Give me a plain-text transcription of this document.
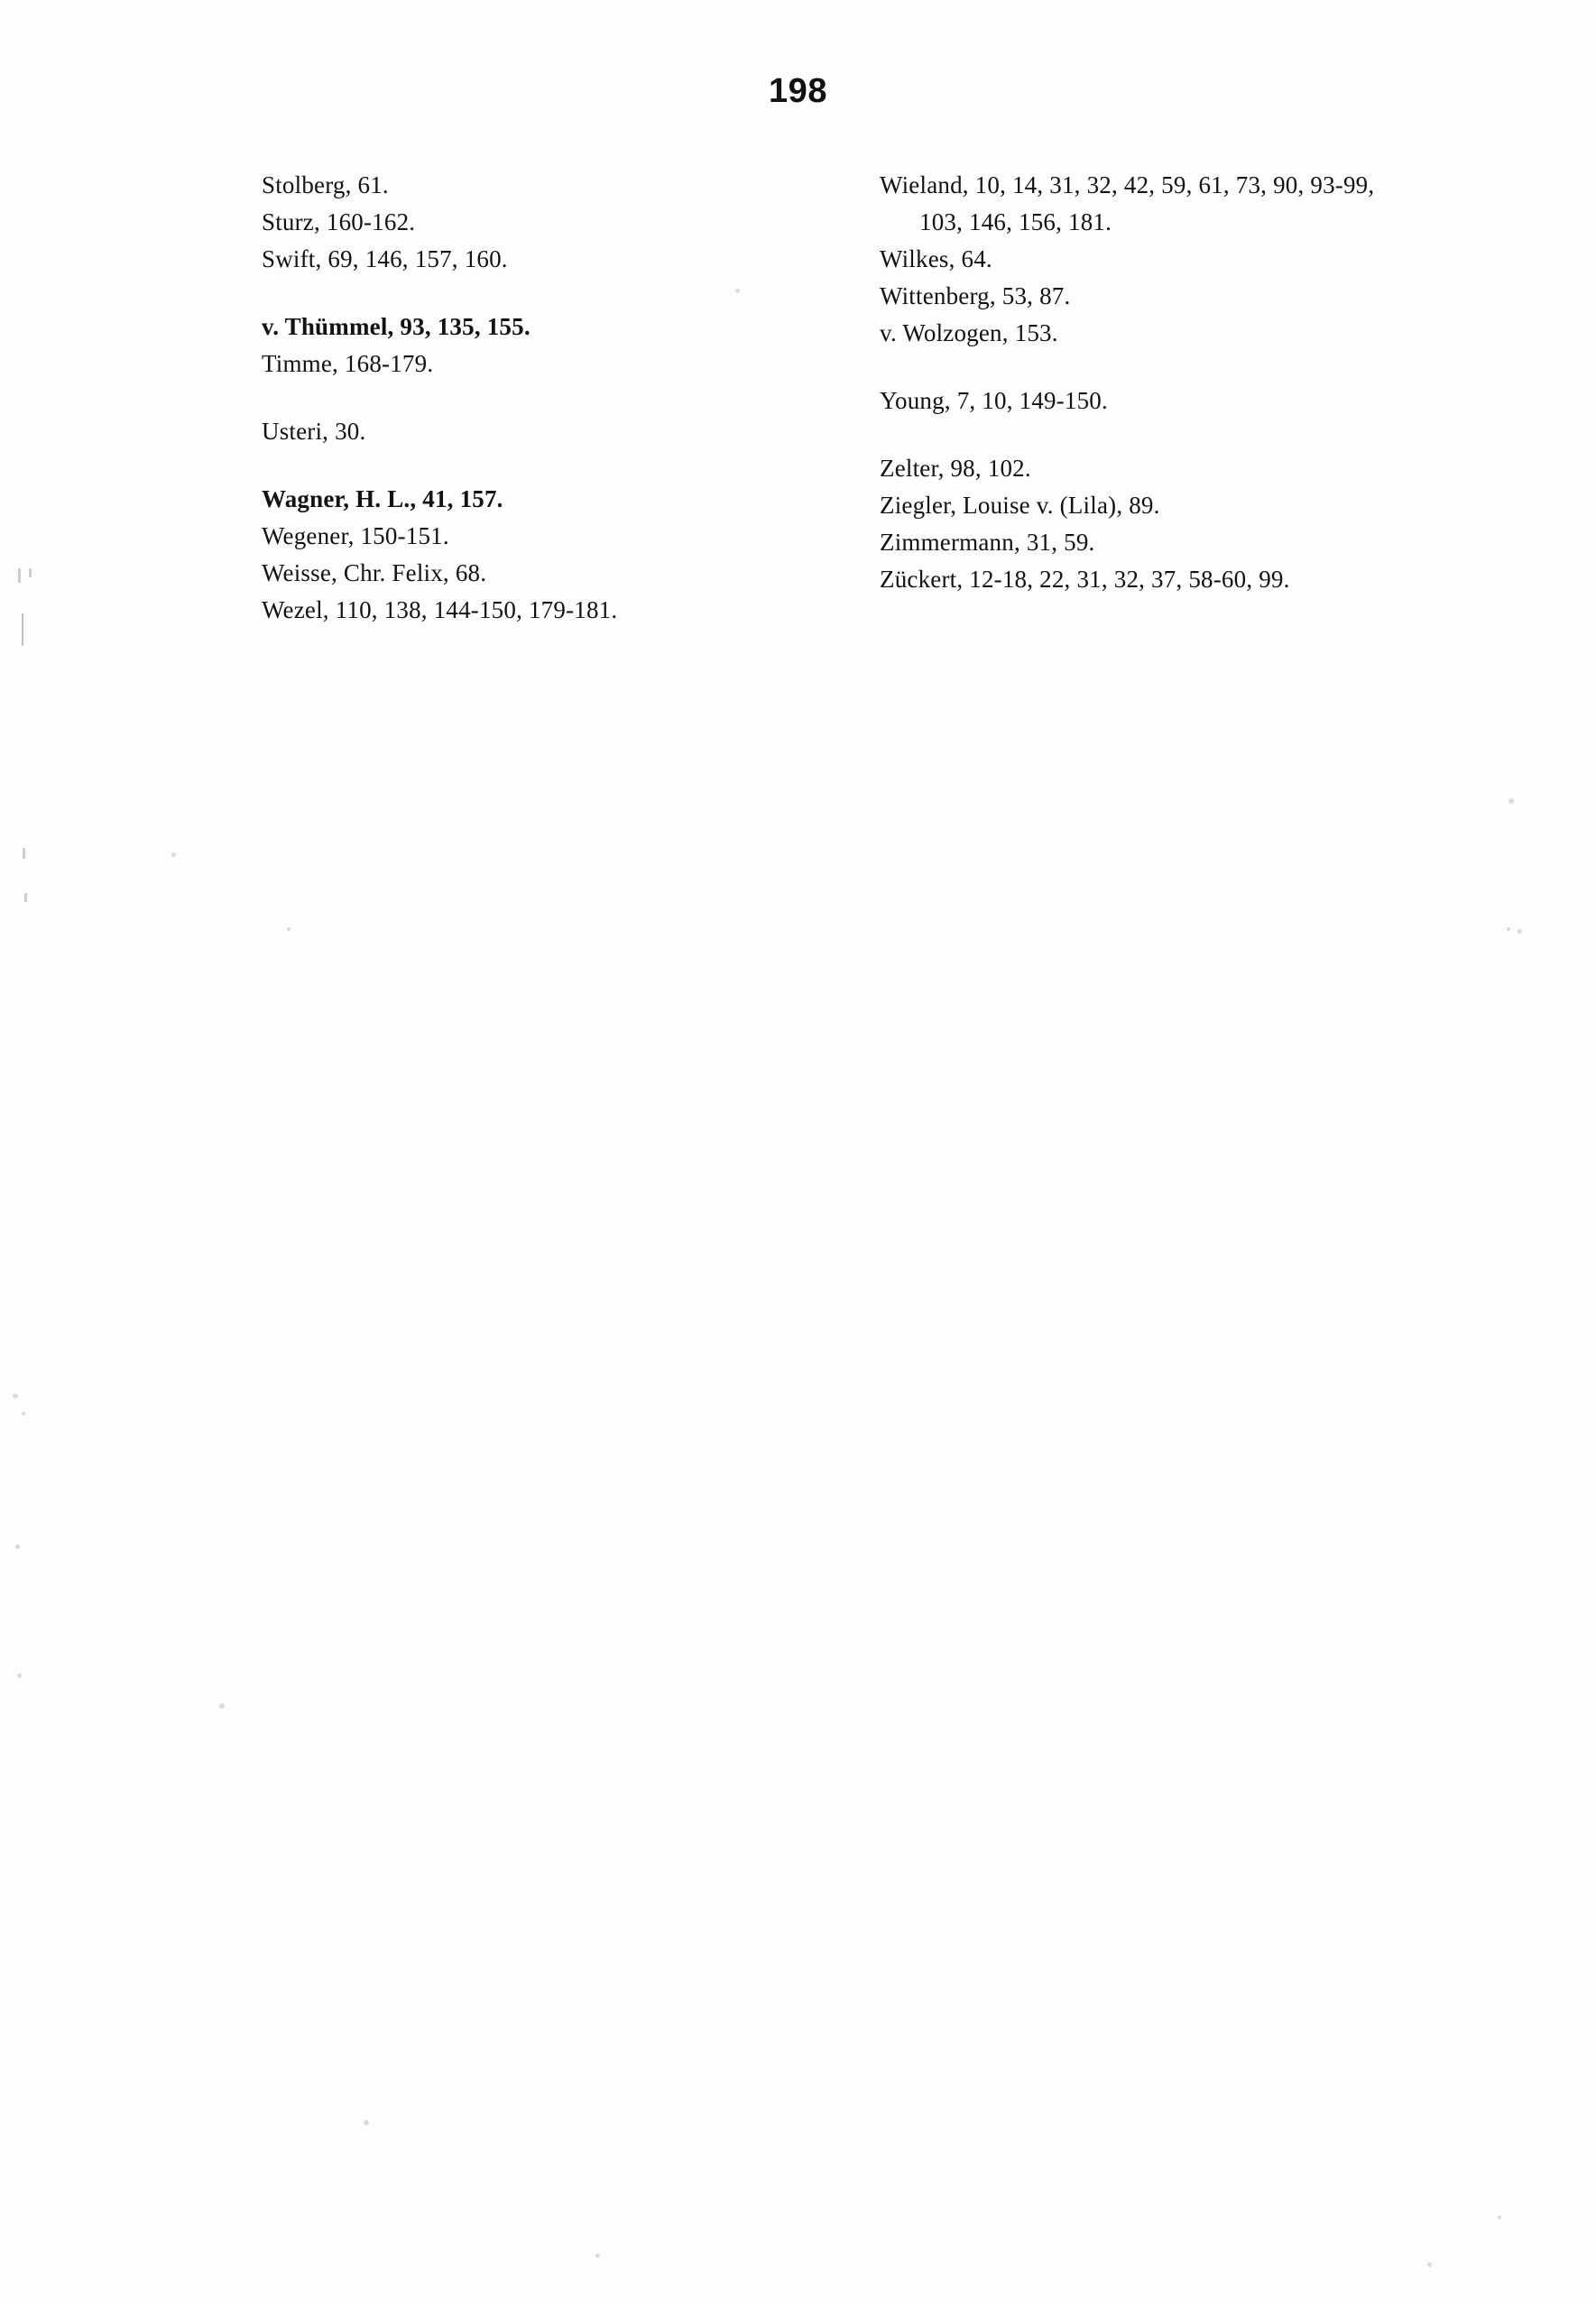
198
Stolberg, 61.
Sturz, 160-162.
Swift, 69, 146, 157, 160.
v. Thümmel, 93, 135, 155.
Timme, 168-179.
Usteri, 30.
Wagner, H. L., 41, 157.
Wegener, 150-151.
Weisse, Chr. Felix, 68.
Wezel, 110, 138, 144-150, 179-181.
Wieland, 10, 14, 31, 32, 42, 59, 61, 73, 90, 93-99, 103, 146, 156, 181.
Wilkes, 64.
Wittenberg, 53, 87.
v. Wolzogen, 153.
Young, 7, 10, 149-150.
Zelter, 98, 102.
Ziegler, Louise v. (Lila), 89.
Zimmermann, 31, 59.
Zückert, 12-18, 22, 31, 32, 37, 58-60, 99.
